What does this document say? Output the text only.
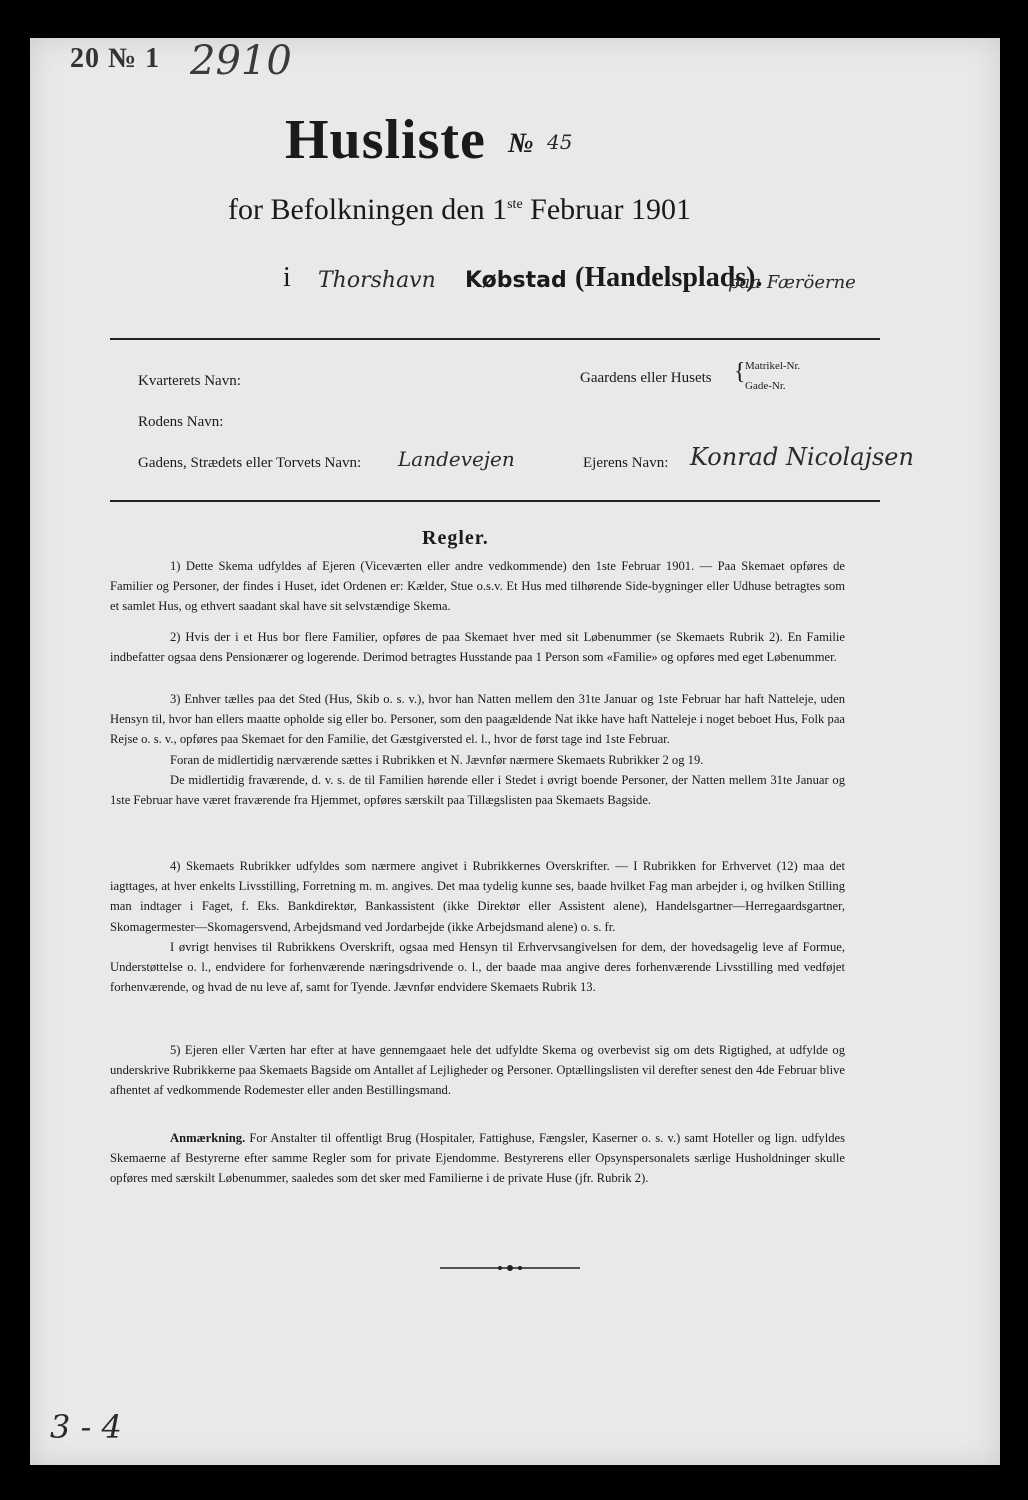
20 № 1 2910
Husliste № 45
for Befolkningen den 1ste Februar 1901
i Thorshavn Købstad (Handelsplads).
paa Færöerne
Kvarterets Navn:	Gaardens eller Husets { Matrikel-Nr.
Gade-Nr.
Rodens Navn:
Gadens, Strædets eller Torvets Navn: Landevejen	Ejerens Navn: Konrad Nicolajsen
Regler.

1) Dette Skema udfyldes af Ejeren (Viceværten eller andre vedkommende) den 1ste Februar 1901. — Paa Skemaet opføres de Familier og Personer, der findes i Huset, idet Ordenen er: Kælder, Stue o.s.v. Et Hus med tilhørende Side-bygninger eller Udhuse betragtes som et samlet Hus, og ethvert saadant skal have sit selvstændige Skema.

2) Hvis der i et Hus bor flere Familier, opføres de paa Skemaet hver med sit Løbenummer (se Skemaets Rubrik 2). En Familie indbefatter ogsaa dens Pensionærer og logerende. Derimod betragtes Husstande paa 1 Person som «Familie» og opføres med eget Løbenummer.

3) Enhver tælles paa det Sted (Hus, Skib o. s. v.), hvor han Natten mellem den 31te Januar og 1ste Februar har haft Natteleje, uden Hensyn til, hvor han ellers maatte opholde sig eller bo. Personer, som den paagældende Nat ikke have haft Natteleje i noget beboet Hus, Folk paa Rejse o. s. v., opføres paa Skemaet for den Familie, det Gæstgiversted el. l., hvor de først tage ind 1ste Februar.

Foran de midlertidig nærværende sættes i Rubrikken et N. Jævnfør nærmere Skemaets Rubrikker 2 og 19.

De midlertidig fraværende, d. v. s. de til Familien hørende eller i Stedet i øvrigt boende Personer, der Natten mellem 31te Januar og 1ste Februar have været fraværende fra Hjemmet, opføres særskilt paa Tillægslisten paa Skemaets Bagside.

4) Skemaets Rubrikker udfyldes som nærmere angivet i Rubrikkernes Overskrifter. — I Rubrikken for Erhvervet (12) maa det iagttages, at hver enkelts Livsstilling, Forretning m. m. angives. Det maa tydelig kunne ses, baade hvilket Fag man arbejder i, og hvilken Stilling man indtager i Faget, f. Eks. Bankdirektør, Bankassistent (ikke Direktør eller Assistent alene), Handelsgartner—Herregaardsgartner, Skomagermester—Skomagersvend, Arbejdsmand ved Jordarbejde (ikke Arbejdsmand alene) o. s. fr.

I øvrigt henvises til Rubrikkens Overskrift, ogsaa med Hensyn til Erhvervsangivelsen for dem, der hovedsagelig leve af Formue, Understøttelse o. l., endvidere for forhenværende næringsdrivende o. l., der baade maa angive deres forhenværende Livsstilling med vedføjet forhenværende, og hvad de nu leve af, samt for Tyende. Jævnfør endvidere Skemaets Rubrik 13.

5) Ejeren eller Værten har efter at have gennemgaaet hele det udfyldte Skema og overbevist sig om dets Rigtighed, at udfylde og underskrive Rubrikkerne paa Skemaets Bagside om Antallet af Lejligheder og Personer. Optællingslisten vil derefter senest den 4de Februar blive afhentet af vedkommende Rodemester eller anden Bestillingsmand.

Anmærkning. For Anstalter til offentligt Brug (Hospitaler, Fattighuse, Fængsler, Kaserner o. s. v.) samt Hoteller og lign. udfyldes Skemaerne af Bestyrerne efter samme Regler som for private Ejendomme. Bestyrerens eller Opsynspersonalets særlige Husholdninger skulle opføres med særskilt Løbenummer, saaledes som det sker med Familierne i de private Huse (jfr. Rubrik 2).

3 - 4
